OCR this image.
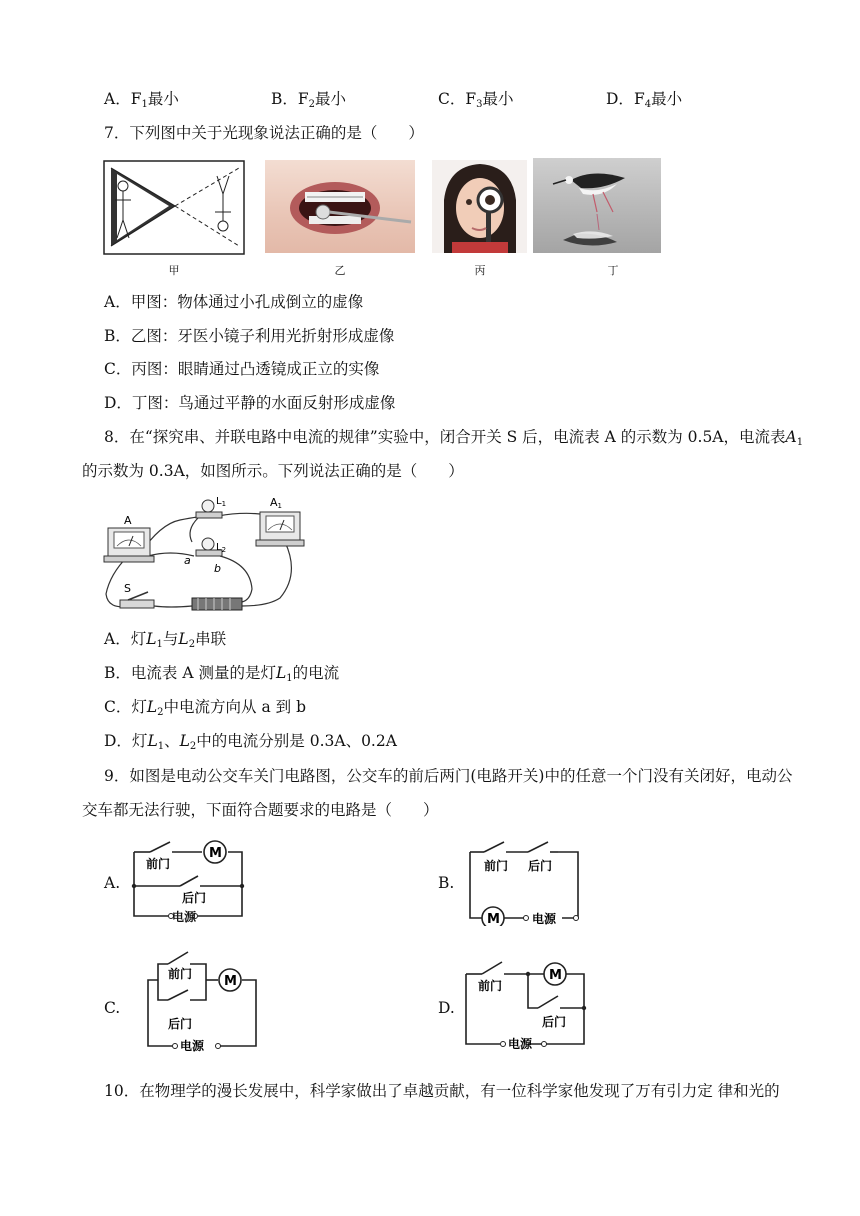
A．$F_1$最小	B．$F_2$最小	C．$F_3$最小	D．$F_4$最小
7．下列图中关于光现象说法正确的是（　　）
甲	乙	丙	丁
A．甲图：物体通过小孔成倒立的虚像
B．乙图：牙医小镜子利用光折射形成虚像
C．丙图：眼睛通过凸透镜成正立的实像
D．丁图：鸟通过平静的水面反射形成虚像
8．在“探究串、并联电路中电流的规律”实验中，闭合开关 S 后，电流表 A 的示数为 0.5A，电流表$A_1$
的示数为 0.3A，如图所示。下列说法正确的是（　　）
A
A1
$L_1$
$L_2$
a
b
S
A．灯$L_1$与$L_2$串联
B．电流表 A 测量的是灯$L_1$的电流
C．灯$L_2$中电流方向从 a 到 b
D．灯$L_1$、$L_2$中的电流分别是 0.3A、0.2A
9．如图是电动公交车关门电路图，公交车的前后两门(电路开关)中的任意一个门没有关闭好，电动公
交车都无法行驶，下面符合题要求的电路是（　　）
A.	B.
C.	D.
M
前门
后门
电源	M
前门 后门
电源
M
前门
后门
电源
M
前门
后门
电源
10．在物理学的漫长发展中，科学家做出了卓越贡献，有一位科学家他发现了万有引力定 律和光的
